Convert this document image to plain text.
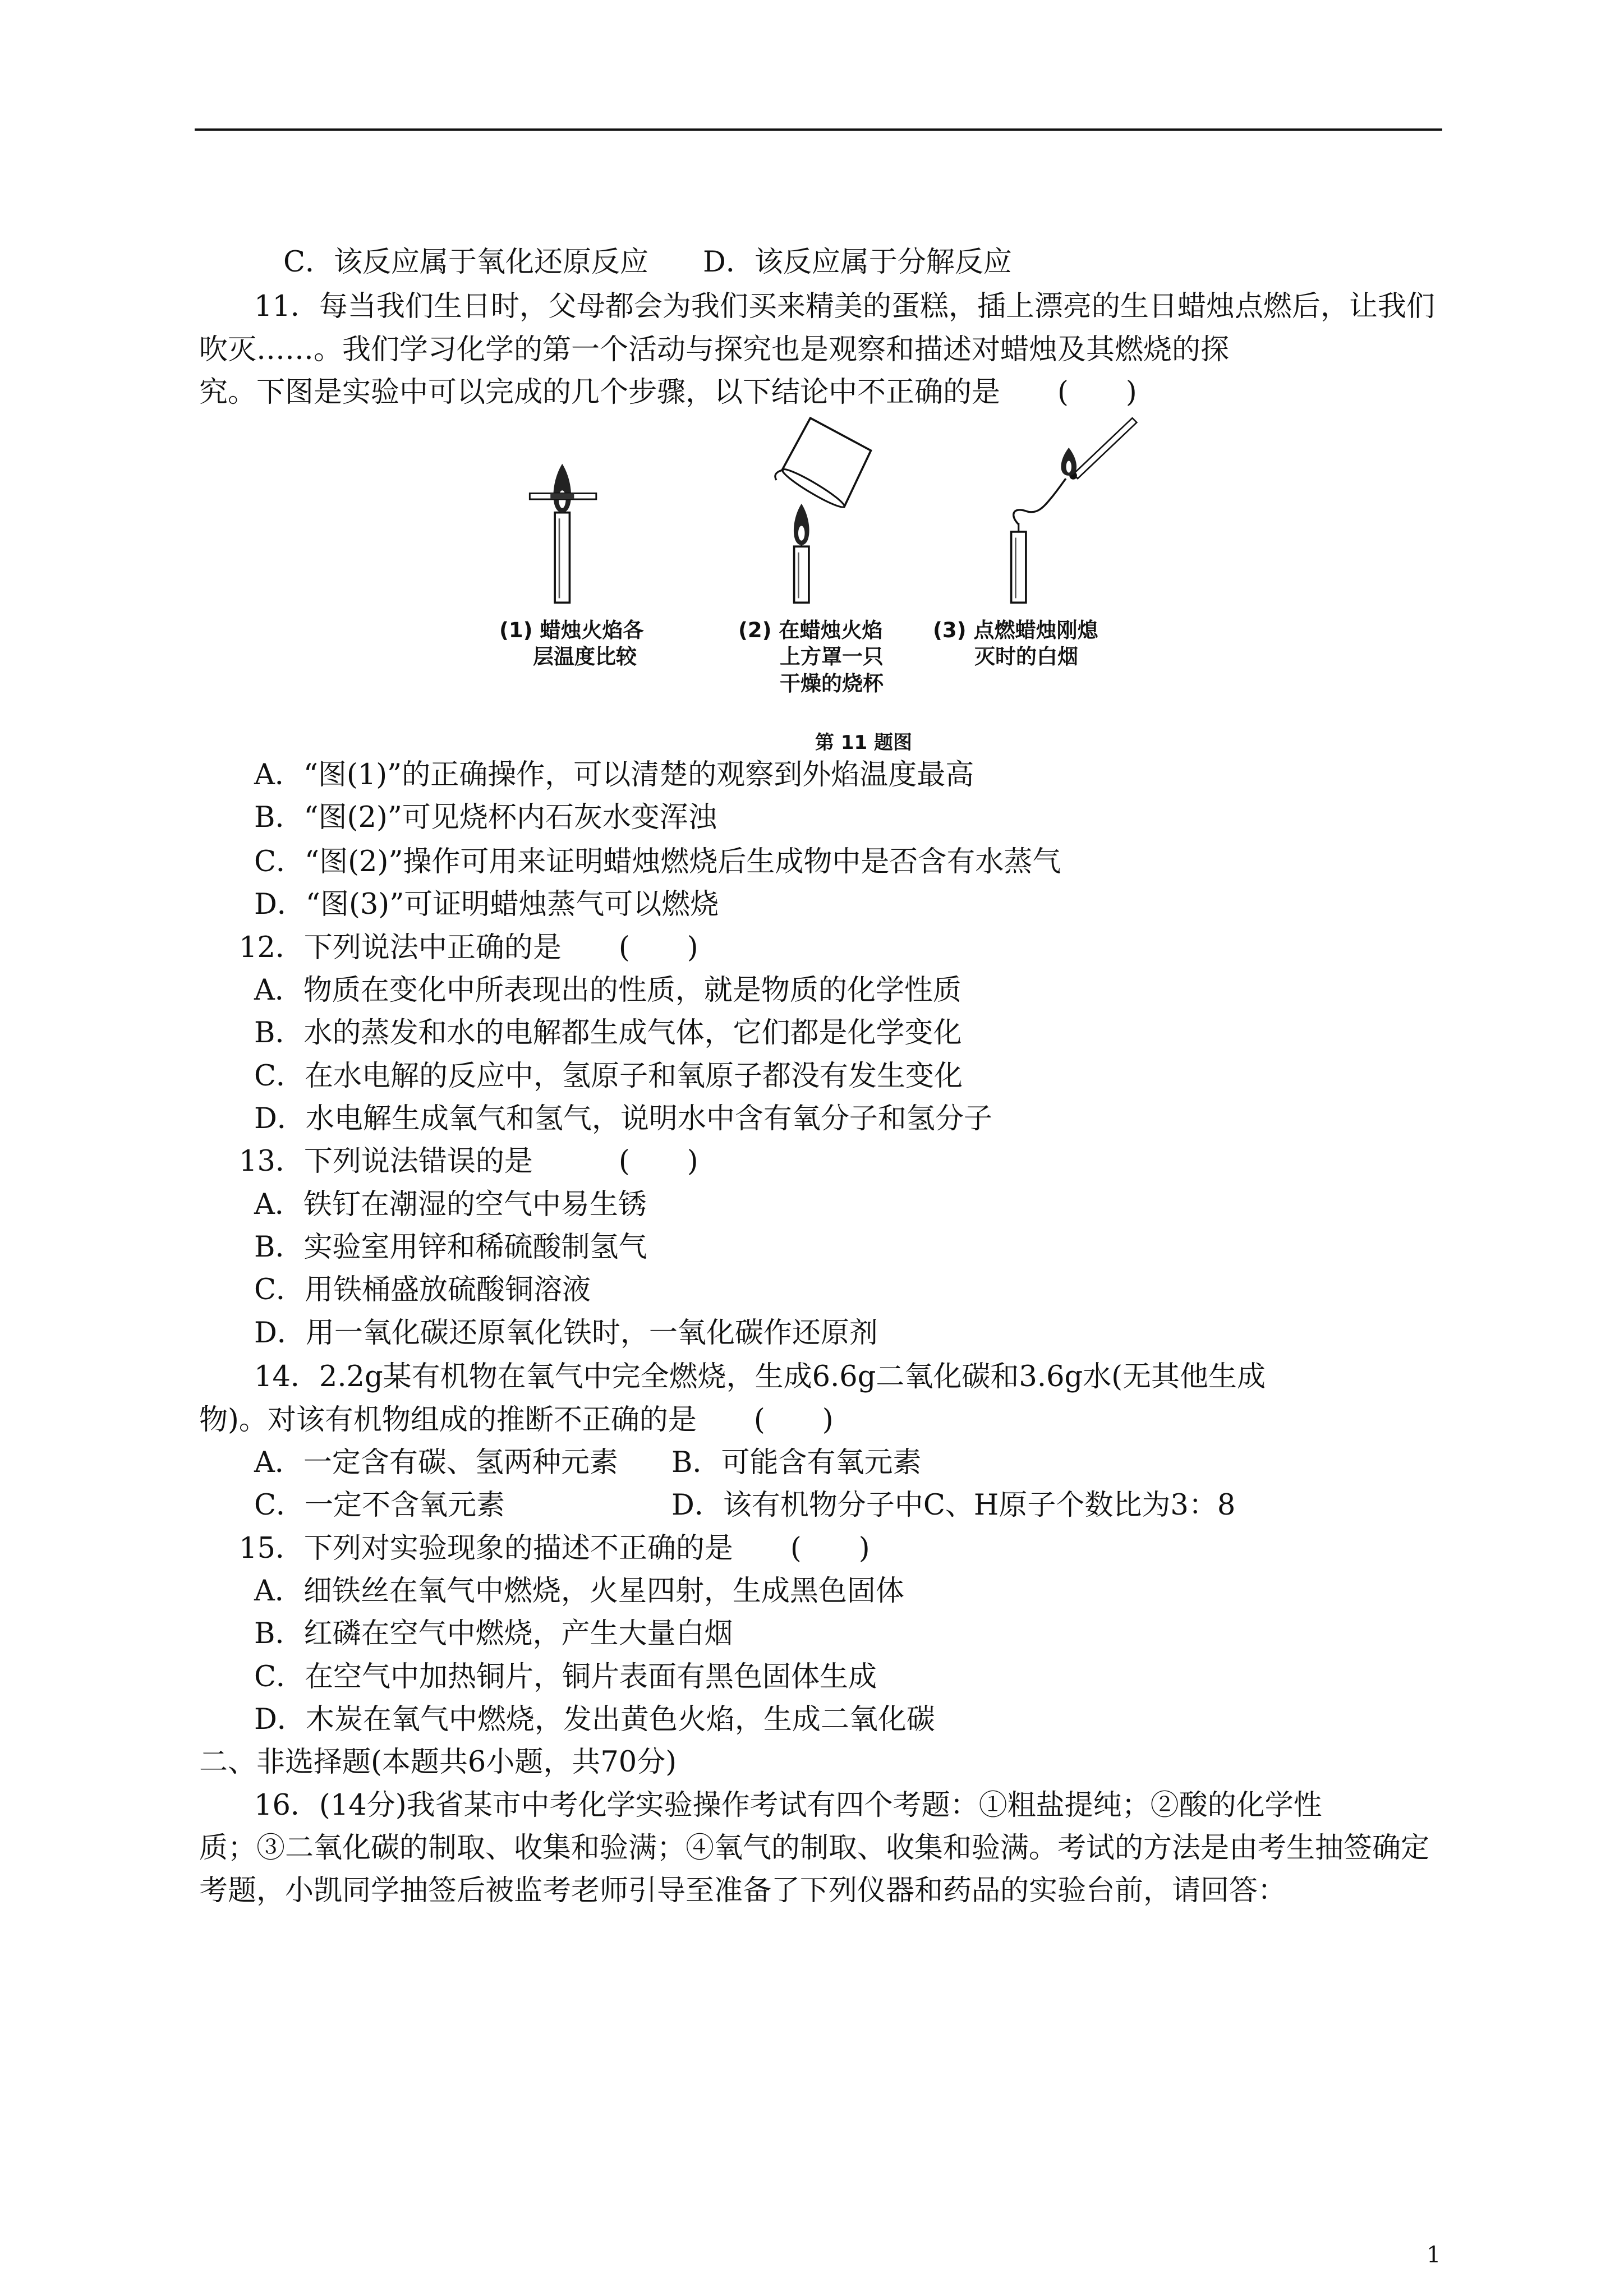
C．该反应属于氧化还原反应 D．该反应属于分解反应
11．每当我们生日时，父母都会为我们买来精美的蛋糕，插上漂亮的生日蜡烛点燃后，让我们
吹灭……。我们学习化学的第一个活动与探究也是观察和描述对蜡烛及其燃烧的探
究。下图是实验中可以完成的几个步骤，以下结论中不正确的是　　(　　)
(1) 蜡烛火焰各
层温度比较
(2) 在蜡烛火焰
上方罩一只
干燥的烧杯
(3) 点燃蜡烛刚熄
灭时的白烟
第 11 题图
A．“图(1)”的正确操作，可以清楚的观察到外焰温度最高
B．“图(2)”可见烧杯内石灰水变浑浊
C．“图(2)”操作可用来证明蜡烛燃烧后生成物中是否含有水蒸气
D．“图(3)”可证明蜡烛蒸气可以燃烧
12．下列说法中正确的是　　(　　)
A．物质在变化中所表现出的性质，就是物质的化学性质
B．水的蒸发和水的电解都生成气体，它们都是化学变化
C．在水电解的反应中，氢原子和氧原子都没有发生变化
D．水电解生成氧气和氢气，说明水中含有氧分子和氢分子
13．下列说法错误的是　　　(　　)
A．铁钉在潮湿的空气中易生锈
B．实验室用锌和稀硫酸制氢气
C．用铁桶盛放硫酸铜溶液
D．用一氧化碳还原氧化铁时，一氧化碳作还原剂
14．2.2g某有机物在氧气中完全燃烧，生成6.6g二氧化碳和3.6g水(无其他生成
物)。对该有机物组成的推断不正确的是　　(　　)
A．一定含有碳、氢两种元素 B．可能含有氧元素
C．一定不含氧元素	D．该有机物分子中C、H原子个数比为3：8
15．下列对实验现象的描述不正确的是　　(　　)
A．细铁丝在氧气中燃烧，火星四射，生成黑色固体
B．红磷在空气中燃烧，产生大量白烟
C．在空气中加热铜片，铜片表面有黑色固体生成
D．木炭在氧气中燃烧，发出黄色火焰，生成二氧化碳
二、非选择题(本题共6小题，共70分)
16．(14分)我省某市中考化学实验操作考试有四个考题：①粗盐提纯；②酸的化学性
质；③二氧化碳的制取、收集和验满；④氧气的制取、收集和验满。考试的方法是由考生抽签确定
考题，小凯同学抽签后被监考老师引导至准备了下列仪器和药品的实验台前，请回答：
1
